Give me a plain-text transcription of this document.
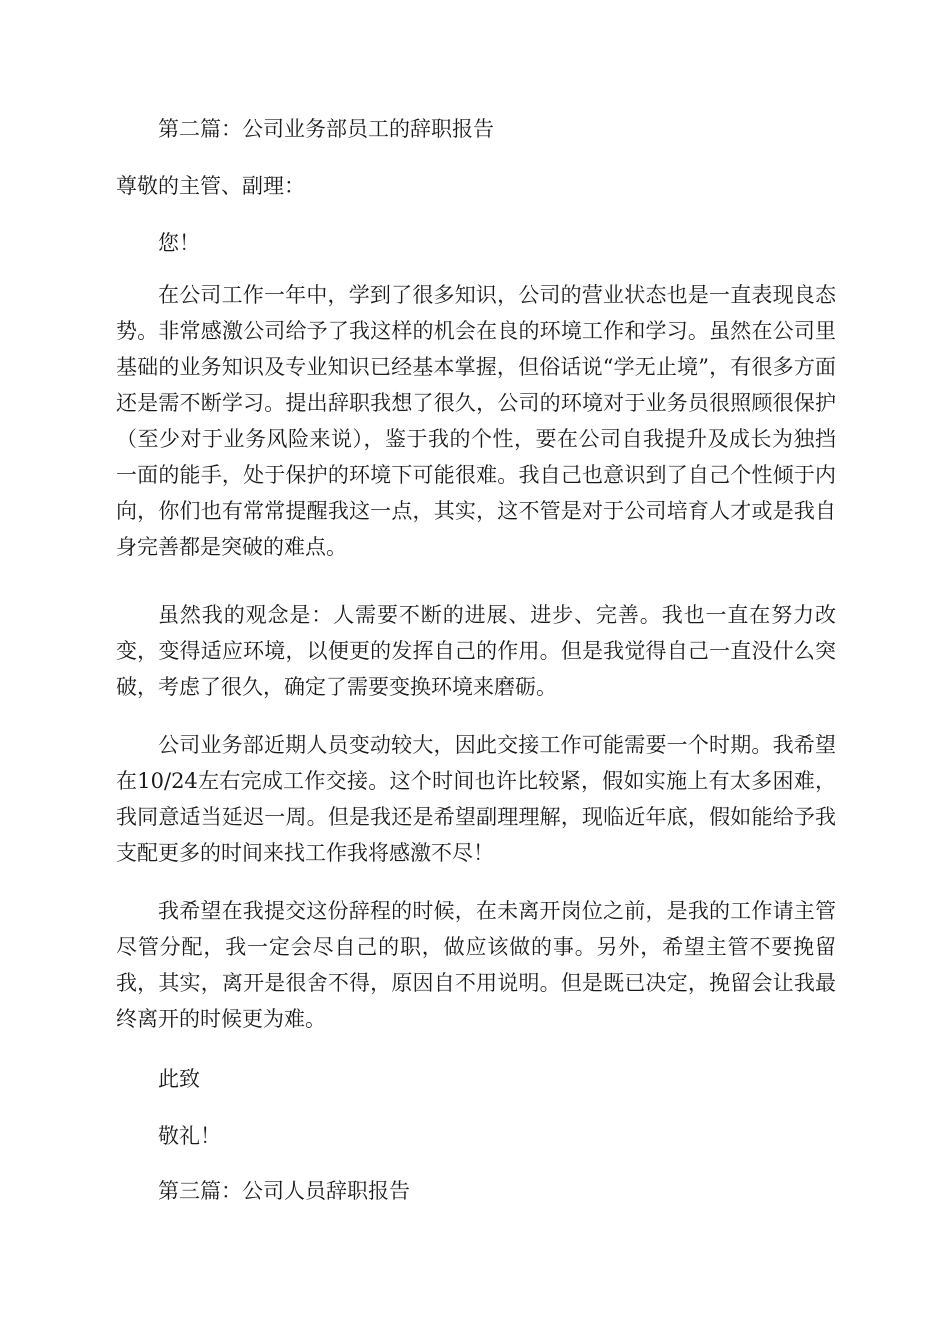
第二篇：公司业务部员工的辞职报告

尊敬的主管、副理：

您！

在公司工作一年中，学到了很多知识，公司的营业状态也是一直表现良态势。非常感激公司给予了我这样的机会在良的环境工作和学习。虽然在公司里基础的业务知识及专业知识已经基本掌握，但俗话说“学无止境”，有很多方面还是需不断学习。提出辞职我想了很久，公司的环境对于业务员很照顾很保护（至少对于业务风险来说），鉴于我的个性，要在公司自我提升及成长为独挡一面的能手，处于保护的环境下可能很难。我自己也意识到了自己个性倾于内向，你们也有常常提醒我这一点，其实，这不管是对于公司培育人才或是我自身完善都是突破的难点。

虽然我的观念是：人需要不断的进展、进步、完善。我也一直在努力改变，变得适应环境，以便更的发挥自己的作用。但是我觉得自己一直没什么突破，考虑了很久，确定了需要变换环境来磨砺。

公司业务部近期人员变动较大，因此交接工作可能需要一个时期。我希望在10/24左右完成工作交接。这个时间也许比较紧，假如实施上有太多困难，我同意适当延迟一周。但是我还是希望副理理解，现临近年底，假如能给予我支配更多的时间来找工作我将感激不尽！

我希望在我提交这份辞程的时候，在未离开岗位之前，是我的工作请主管尽管分配，我一定会尽自己的职，做应该做的事。另外，希望主管不要挽留我，其实，离开是很舍不得，原因自不用说明。但是既已决定，挽留会让我最终离开的时候更为难。

此致

敬礼！

第三篇：公司人员辞职报告
